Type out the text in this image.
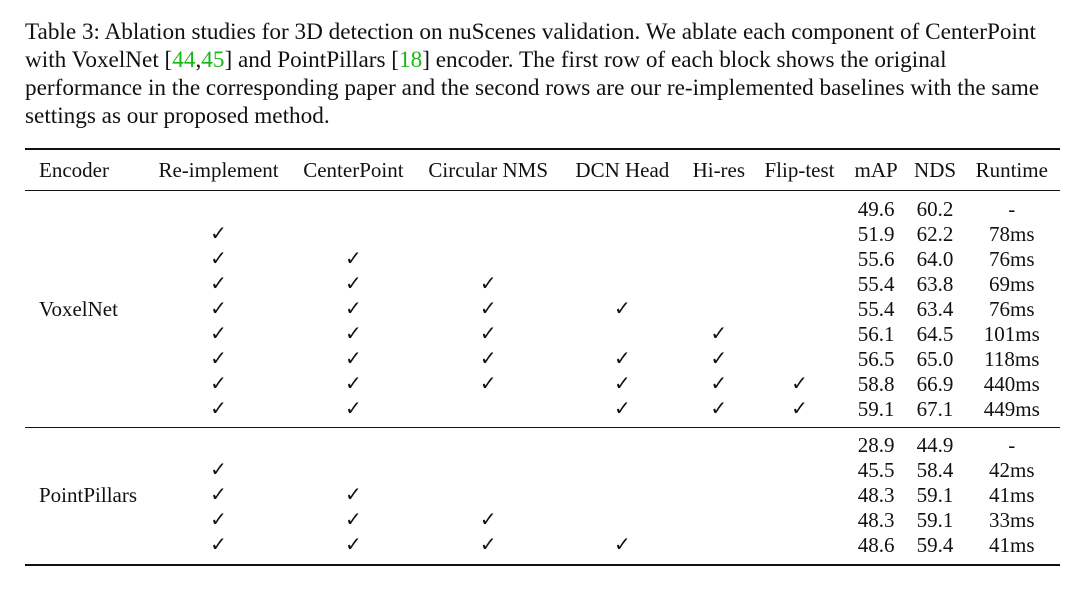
Table 3: Ablation studies for 3D detection on nuScenes validation. We ablate each component of CenterPoint with VoxelNet [44,45] and PointPillars [18] encoder. The first row of each block shows the original performance in the corresponding paper and the second rows are our re-implemented baselines with the same settings as our proposed method.

Encoder	Re-implement	CenterPoint	Circular NMS	DCN Head	Hi-res	Flip-test	mAP	NDS	Runtime
							49.6	60.2	-
	✓						51.9	62.2	78ms
	✓	✓					55.6	64.0	76ms
	✓	✓	✓				55.4	63.8	69ms
VoxelNet	✓	✓	✓	✓			55.4	63.4	76ms
	✓	✓	✓		✓		56.1	64.5	101ms
	✓	✓	✓	✓	✓		56.5	65.0	118ms
	✓	✓	✓	✓	✓	✓	58.8	66.9	440ms
	✓	✓		✓	✓	✓	59.1	67.1	449ms
							28.9	44.9	-
	✓						45.5	58.4	42ms
PointPillars	✓	✓					48.3	59.1	41ms
	✓	✓	✓				48.3	59.1	33ms
	✓	✓	✓	✓			48.6	59.4	41ms
